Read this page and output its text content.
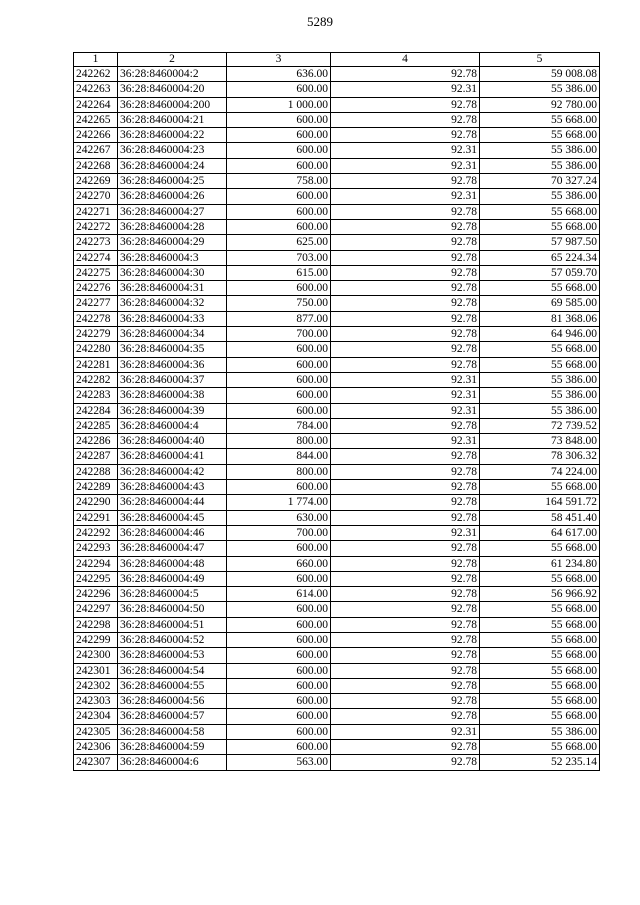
5289
1	2	3	4	5
242262	36:28:8460004:2	636.00	92.78	59 008.08
242263	36:28:8460004:20	600.00	92.31	55 386.00
242264	36:28:8460004:200	1 000.00	92.78	92 780.00
242265	36:28:8460004:21	600.00	92.78	55 668.00
242266	36:28:8460004:22	600.00	92.78	55 668.00
242267	36:28:8460004:23	600.00	92.31	55 386.00
242268	36:28:8460004:24	600.00	92.31	55 386.00
242269	36:28:8460004:25	758.00	92.78	70 327.24
242270	36:28:8460004:26	600.00	92.31	55 386.00
242271	36:28:8460004:27	600.00	92.78	55 668.00
242272	36:28:8460004:28	600.00	92.78	55 668.00
242273	36:28:8460004:29	625.00	92.78	57 987.50
242274	36:28:8460004:3	703.00	92.78	65 224.34
242275	36:28:8460004:30	615.00	92.78	57 059.70
242276	36:28:8460004:31	600.00	92.78	55 668.00
242277	36:28:8460004:32	750.00	92.78	69 585.00
242278	36:28:8460004:33	877.00	92.78	81 368.06
242279	36:28:8460004:34	700.00	92.78	64 946.00
242280	36:28:8460004:35	600.00	92.78	55 668.00
242281	36:28:8460004:36	600.00	92.78	55 668.00
242282	36:28:8460004:37	600.00	92.31	55 386.00
242283	36:28:8460004:38	600.00	92.31	55 386.00
242284	36:28:8460004:39	600.00	92.31	55 386.00
242285	36:28:8460004:4	784.00	92.78	72 739.52
242286	36:28:8460004:40	800.00	92.31	73 848.00
242287	36:28:8460004:41	844.00	92.78	78 306.32
242288	36:28:8460004:42	800.00	92.78	74 224.00
242289	36:28:8460004:43	600.00	92.78	55 668.00
242290	36:28:8460004:44	1 774.00	92.78	164 591.72
242291	36:28:8460004:45	630.00	92.78	58 451.40
242292	36:28:8460004:46	700.00	92.31	64 617.00
242293	36:28:8460004:47	600.00	92.78	55 668.00
242294	36:28:8460004:48	660.00	92.78	61 234.80
242295	36:28:8460004:49	600.00	92.78	55 668.00
242296	36:28:8460004:5	614.00	92.78	56 966.92
242297	36:28:8460004:50	600.00	92.78	55 668.00
242298	36:28:8460004:51	600.00	92.78	55 668.00
242299	36:28:8460004:52	600.00	92.78	55 668.00
242300	36:28:8460004:53	600.00	92.78	55 668.00
242301	36:28:8460004:54	600.00	92.78	55 668.00
242302	36:28:8460004:55	600.00	92.78	55 668.00
242303	36:28:8460004:56	600.00	92.78	55 668.00
242304	36:28:8460004:57	600.00	92.78	55 668.00
242305	36:28:8460004:58	600.00	92.31	55 386.00
242306	36:28:8460004:59	600.00	92.78	55 668.00
242307	36:28:8460004:6	563.00	92.78	52 235.14
